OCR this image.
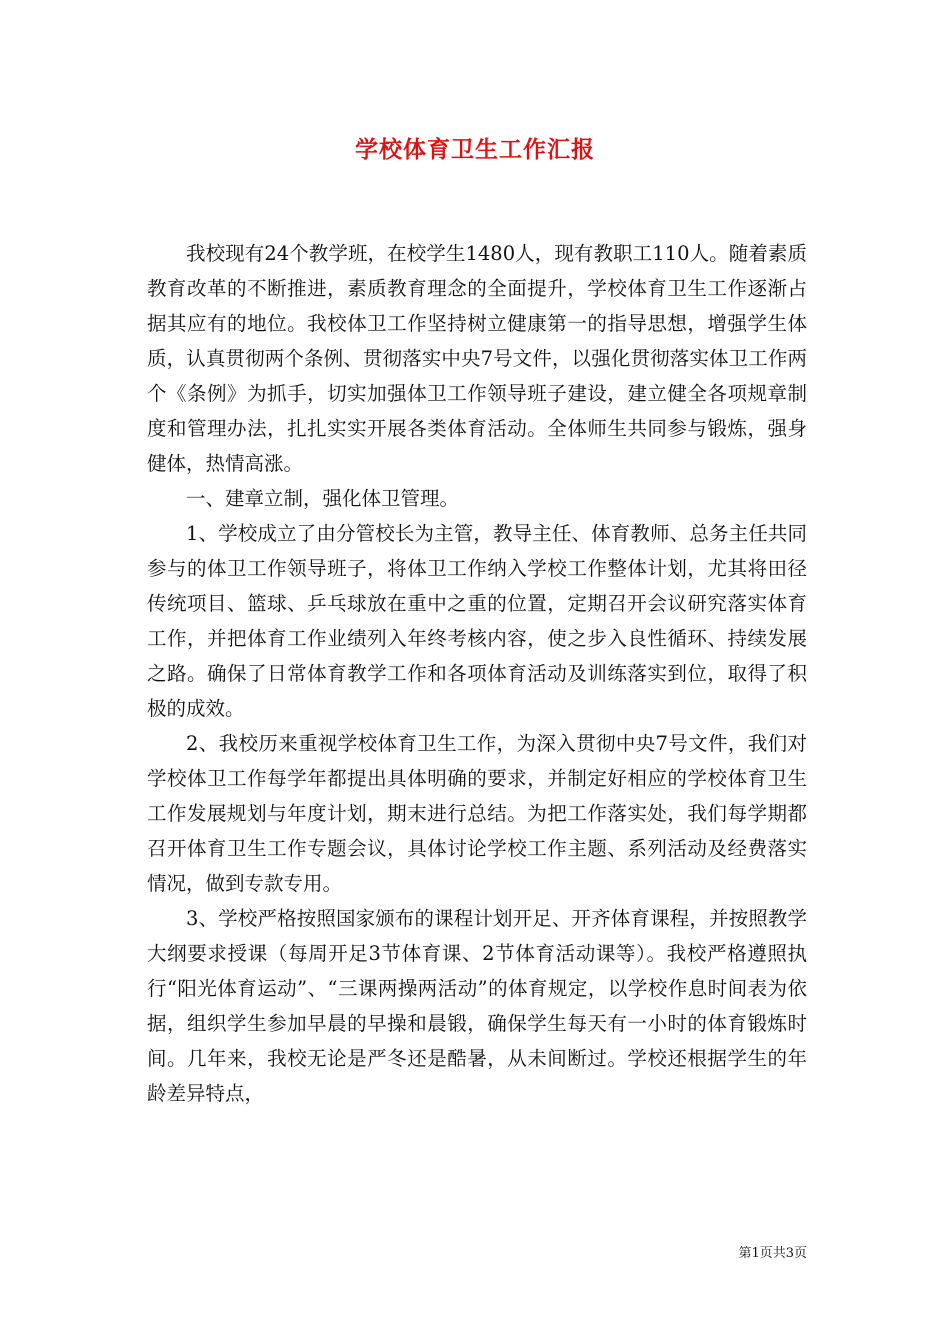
学校体育卫生工作汇报

我校现有24个教学班，在校学生1480人，现有教职工110人。随着素质教育改革的不断推进，素质教育理念的全面提升，学校体育卫生工作逐渐占据其应有的地位。我校体卫工作坚持树立健康第一的指导思想，增强学生体质，认真贯彻两个条例、贯彻落实中央7号文件，以强化贯彻落实体卫工作两个《条例》为抓手，切实加强体卫工作领导班子建设，建立健全各项规章制度和管理办法，扎扎实实开展各类体育活动。全体师生共同参与锻炼，强身健体，热情高涨。

一、建章立制，强化体卫管理。

1、学校成立了由分管校长为主管，教导主任、体育教师、总务主任共同参与的体卫工作领导班子，将体卫工作纳入学校工作整体计划，尤其将田径传统项目、篮球、乒乓球放在重中之重的位置，定期召开会议研究落实体育工作，并把体育工作业绩列入年终考核内容，使之步入良性循环、持续发展之路。确保了日常体育教学工作和各项体育活动及训练落实到位，取得了积极的成效。

2、我校历来重视学校体育卫生工作，为深入贯彻中央7号文件，我们对学校体卫工作每学年都提出具体明确的要求，并制定好相应的学校体育卫生工作发展规划与年度计划，期末进行总结。为把工作落实处，我们每学期都召开体育卫生工作专题会议，具体讨论学校工作主题、系列活动及经费落实情况，做到专款专用。

3、学校严格按照国家颁布的课程计划开足、开齐体育课程，并按照教学大纲要求授课（每周开足3节体育课、2节体育活动课等）。我校严格遵照执行“阳光体育运动”、“三课两操两活动”的体育规定，以学校作息时间表为依据，组织学生参加早晨的早操和晨锻，确保学生每天有一小时的体育锻炼时间。几年来，我校无论是严冬还是酷暑，从未间断过。学校还根据学生的年龄差异特点，

第1页共3页
